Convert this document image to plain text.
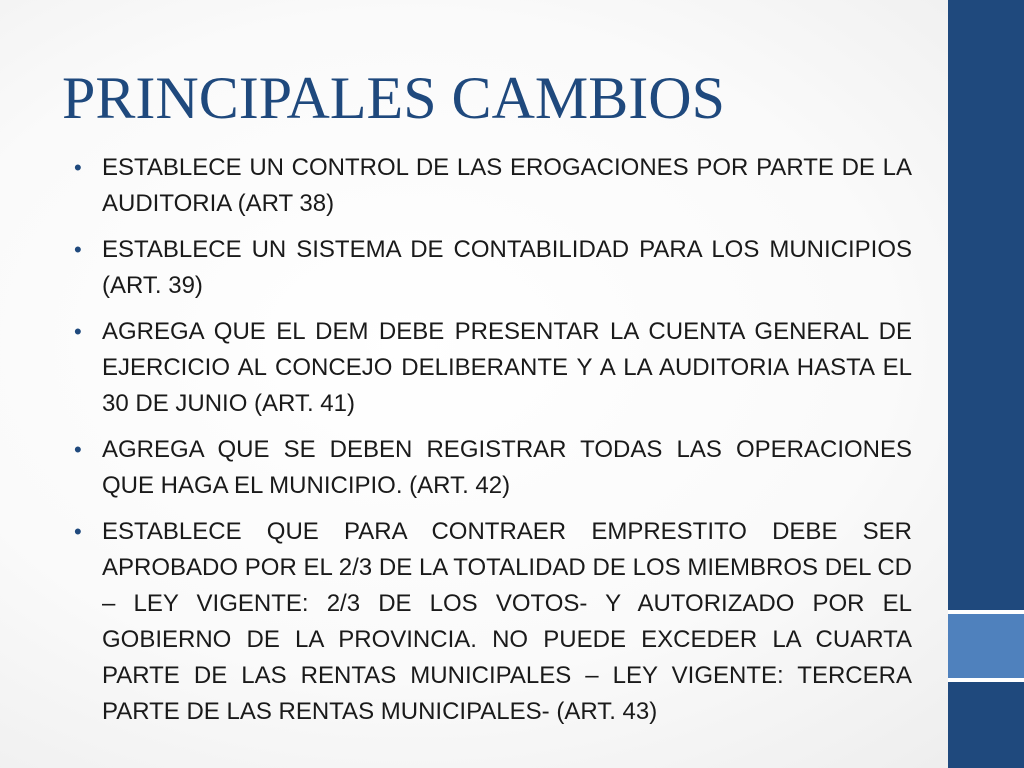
PRINCIPALES CAMBIOS
• ESTABLECE UN CONTROL DE LAS EROGACIONES POR PARTE DE LA AUDITORIA (ART 38)
• ESTABLECE UN SISTEMA DE CONTABILIDAD PARA LOS MUNICIPIOS (ART. 39)
• AGREGA QUE EL DEM DEBE PRESENTAR LA CUENTA GENERAL DE EJERCICIO AL CONCEJO DELIBERANTE Y A LA AUDITORIA HASTA EL 30 DE JUNIO (ART. 41)
• AGREGA QUE SE DEBEN REGISTRAR TODAS LAS OPERACIONES QUE HAGA EL MUNICIPIO. (ART. 42)
• ESTABLECE QUE PARA CONTRAER EMPRESTITO DEBE SER APROBADO POR EL 2/3 DE LA TOTALIDAD DE LOS MIEMBROS DEL CD – LEY VIGENTE: 2/3 DE LOS VOTOS- Y AUTORIZADO POR EL GOBIERNO DE LA PROVINCIA. NO PUEDE EXCEDER LA CUARTA PARTE DE LAS RENTAS MUNICIPALES – LEY VIGENTE: TERCERA PARTE DE LAS RENTAS MUNICIPALES- (ART. 43)
